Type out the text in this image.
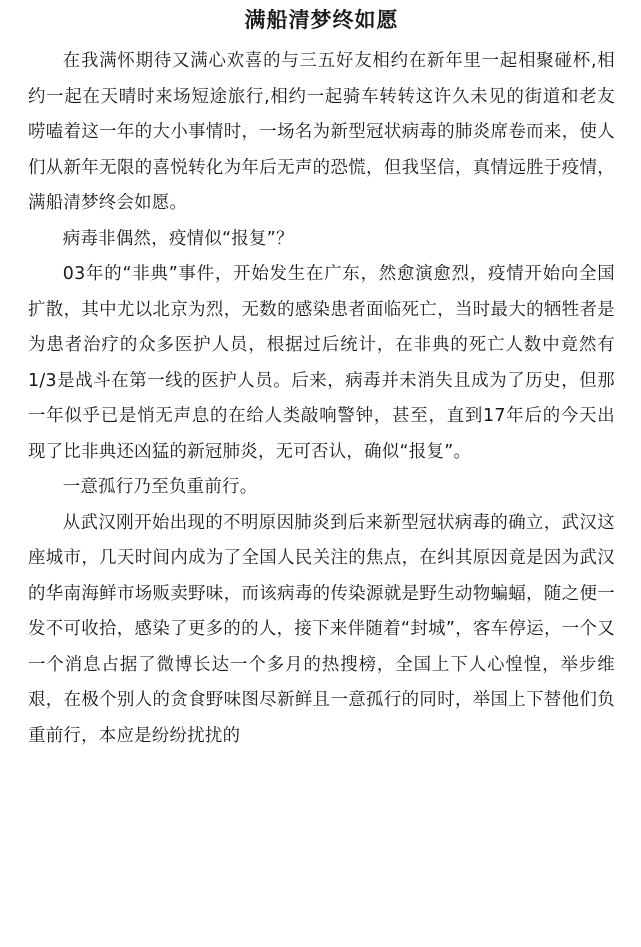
满船清梦终如愿

在我满怀期待又满心欢喜的与三五好友相约在新年里一起相聚碰杯,相约一起在天晴时来场短途旅行,相约一起骑车转转这许久未见的街道和老友唠嗑着这一年的大小事情时，一场名为新型冠状病毒的肺炎席卷而来，使人们从新年无限的喜悦转化为年后无声的恐慌，但我坚信，真情远胜于疫情，满船清梦终会如愿。

病毒非偶然，疫情似“报复”？

03年的“非典”事件，开始发生在广东，然愈演愈烈，疫情开始向全国扩散，其中尤以北京为烈，无数的感染患者面临死亡，当时最大的牺牲者是为患者治疗的众多医护人员，根据过后统计，在非典的死亡人数中竟然有1/3是战斗在第一线的医护人员。后来，病毒并未消失且成为了历史，但那一年似乎已是悄无声息的在给人类敲响警钟，甚至，直到17年后的今天出现了比非典还凶猛的新冠肺炎，无可否认，确似“报复”。

一意孤行乃至负重前行。

从武汉刚开始出现的不明原因肺炎到后来新型冠状病毒的确立，武汉这座城市，几天时间内成为了全国人民关注的焦点，在纠其原因竟是因为武汉的华南海鲜市场贩卖野味，而该病毒的传染源就是野生动物蝙蝠，随之便一发不可收拾，感染了更多的的人，接下来伴随着“封城”，客车停运，一个又一个消息占据了微博长达一个多月的热搜榜，全国上下人心惶惶，举步维艰，在极个别人的贪食野味图尽新鲜且一意孤行的同时，举国上下替他们负重前行，本应是纷纷扰扰的
